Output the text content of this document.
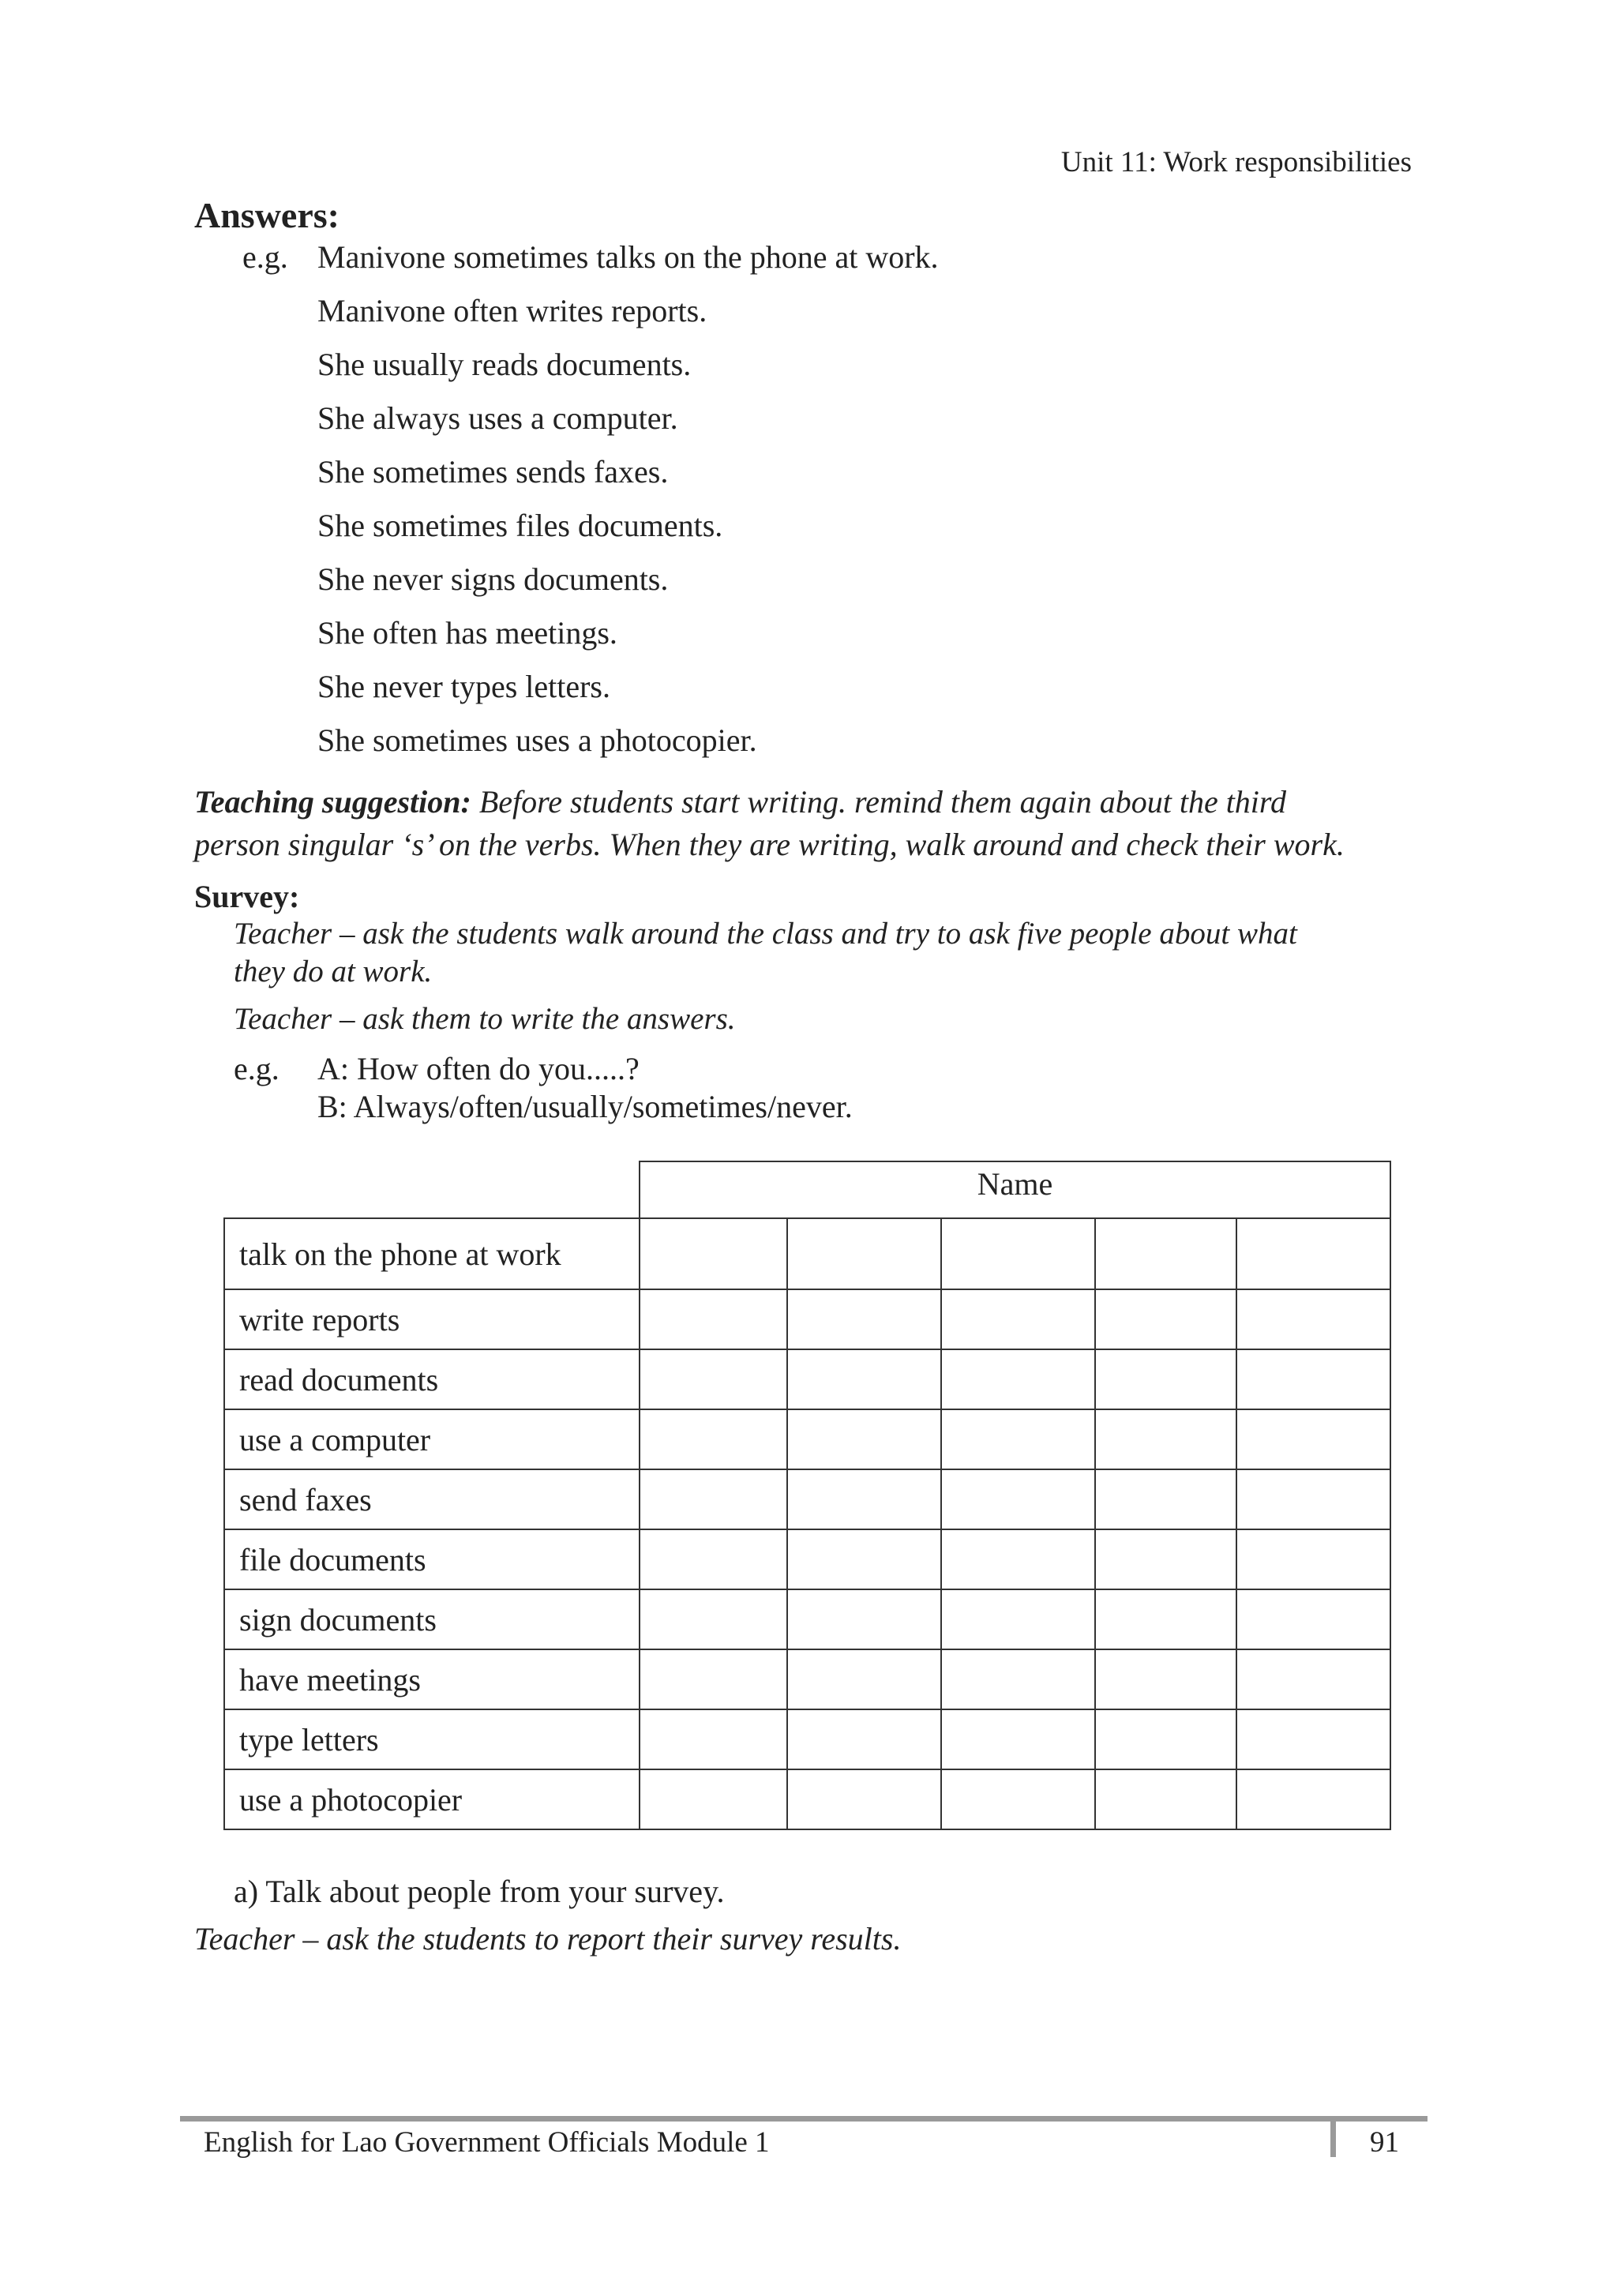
Unit 11: Work responsibilities
Answers:
e.g. Manivone sometimes talks on the phone at work.
Manivone often writes reports.
She usually reads documents.
She always uses a computer.
She sometimes sends faxes.
She sometimes files documents.
She never signs documents.
She often has meetings.
She never types letters.
She sometimes uses a photocopier.
Teaching suggestion: Before students start writing. remind them again about the third
person singular ‘s’ on the verbs. When they are writing, walk around and check their work.
Survey:
Teacher – ask the students walk around the class and try to ask five people about what
they do at work.
Teacher – ask them to write the answers.
e.g. A: How often do you.....?
B: Always/often/usually/sometimes/never.
	Name				
talk on the phone at work					
write reports					
read documents					
use a computer					
send faxes					
file documents					
sign documents					
have meetings					
type letters					
use a photocopier					
a) Talk about people from your survey.
Teacher – ask the students to report their survey results.
English for Lao Government Officials Module 1	91
